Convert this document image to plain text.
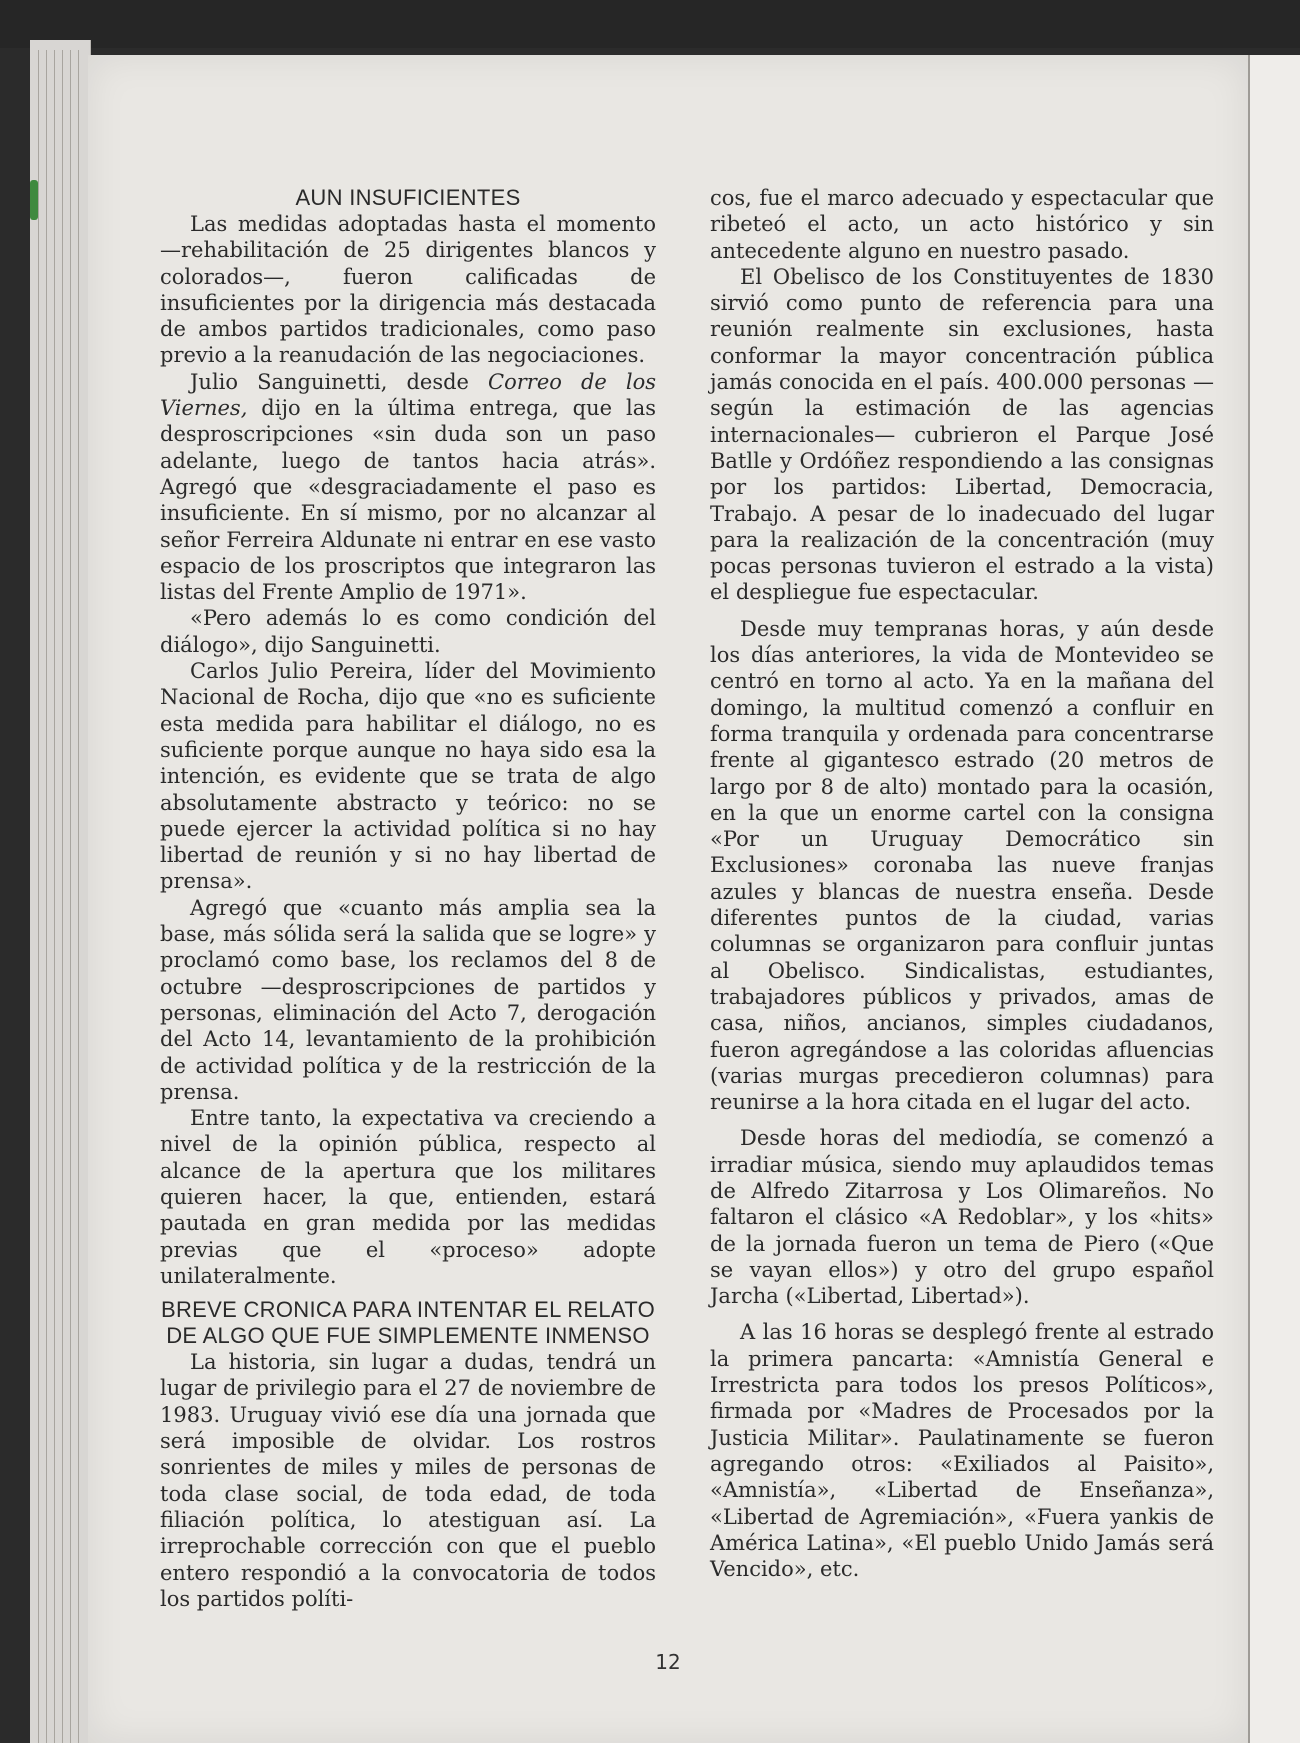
AUN INSUFICIENTES

Las medidas adoptadas hasta el momento —rehabilitación de 25 dirigentes blancos y colorados—, fueron calificadas de insuficientes por la dirigencia más destacada de ambos partidos tradicionales, como paso previo a la reanudación de las negociaciones.

Julio Sanguinetti, desde Correo de los Viernes, dijo en la última entrega, que las desproscripciones «sin duda son un paso adelante, luego de tantos hacia atrás». Agregó que «desgraciadamente el paso es insuficiente. En sí mismo, por no alcanzar al señor Ferreira Aldunate ni entrar en ese vasto espacio de los proscriptos que integraron las listas del Frente Amplio de 1971».

«Pero además lo es como condición del diálogo», dijo Sanguinetti.

Carlos Julio Pereira, líder del Movimiento Nacional de Rocha, dijo que «no es suficiente esta medida para habilitar el diálogo, no es suficiente porque aunque no haya sido esa la intención, es evidente que se trata de algo absolutamente abstracto y teórico: no se puede ejercer la actividad política si no hay libertad de reunión y si no hay libertad de prensa».

Agregó que «cuanto más amplia sea la base, más sólida será la salida que se logre» y proclamó como base, los reclamos del 8 de octubre —desproscripciones de partidos y personas, eliminación del Acto 7, derogación del Acto 14, levantamiento de la prohibición de actividad política y de la restricción de la prensa.

Entre tanto, la expectativa va creciendo a nivel de la opinión pública, respecto al alcance de la apertura que los militares quieren hacer, la que, entienden, estará pautada en gran medida por las medidas previas que el «proceso» adopte unilateralmente.

BREVE CRONICA PARA INTENTAR EL RELATO DE ALGO QUE FUE SIMPLEMENTE INMENSO

La historia, sin lugar a dudas, tendrá un lugar de privilegio para el 27 de noviembre de 1983. Uruguay vivió ese día una jornada que será imposible de olvidar. Los rostros sonrientes de miles y miles de personas de toda clase social, de toda edad, de toda filiación política, lo atestiguan así. La irreprochable corrección con que el pueblo entero respondió a la convocatoria de todos los partidos políti-

cos, fue el marco adecuado y espectacular que ribeteó el acto, un acto histórico y sin antecedente alguno en nuestro pasado.

El Obelisco de los Constituyentes de 1830 sirvió como punto de referencia para una reunión realmente sin exclusiones, hasta conformar la mayor concentración pública jamás conocida en el país. 400.000 personas —según la estimación de las agencias internacionales— cubrieron el Parque José Batlle y Ordóñez respondiendo a las consignas por los partidos: Libertad, Democracia, Trabajo. A pesar de lo inadecuado del lugar para la realización de la concentración (muy pocas personas tuvieron el estrado a la vista) el despliegue fue espectacular.

Desde muy tempranas horas, y aún desde los días anteriores, la vida de Montevideo se centró en torno al acto. Ya en la mañana del domingo, la multitud comenzó a confluir en forma tranquila y ordenada para concentrarse frente al gigantesco estrado (20 metros de largo por 8 de alto) montado para la ocasión, en la que un enorme cartel con la consigna «Por un Uruguay Democrático sin Exclusiones» coronaba las nueve franjas azules y blancas de nuestra enseña. Desde diferentes puntos de la ciudad, varias columnas se organizaron para confluir juntas al Obelisco. Sindicalistas, estudiantes, trabajadores públicos y privados, amas de casa, niños, ancianos, simples ciudadanos, fueron agregándose a las coloridas afluencias (varias murgas precedieron columnas) para reunirse a la hora citada en el lugar del acto.

Desde horas del mediodía, se comenzó a irradiar música, siendo muy aplaudidos temas de Alfredo Zitarrosa y Los Olimareños. No faltaron el clásico «A Redoblar», y los «hits» de la jornada fueron un tema de Piero («Que se vayan ellos») y otro del grupo español Jarcha («Libertad, Libertad»).

A las 16 horas se desplegó frente al estrado la primera pancarta: «Amnistía General e Irrestricta para todos los presos Políticos», firmada por «Madres de Procesados por la Justicia Militar». Paulatinamente se fueron agregando otros: «Exiliados al Paisito», «Amnistía», «Libertad de Enseñanza», «Libertad de Agremiación», «Fuera yankis de América Latina», «El pueblo Unido Jamás será Vencido», etc.

12
